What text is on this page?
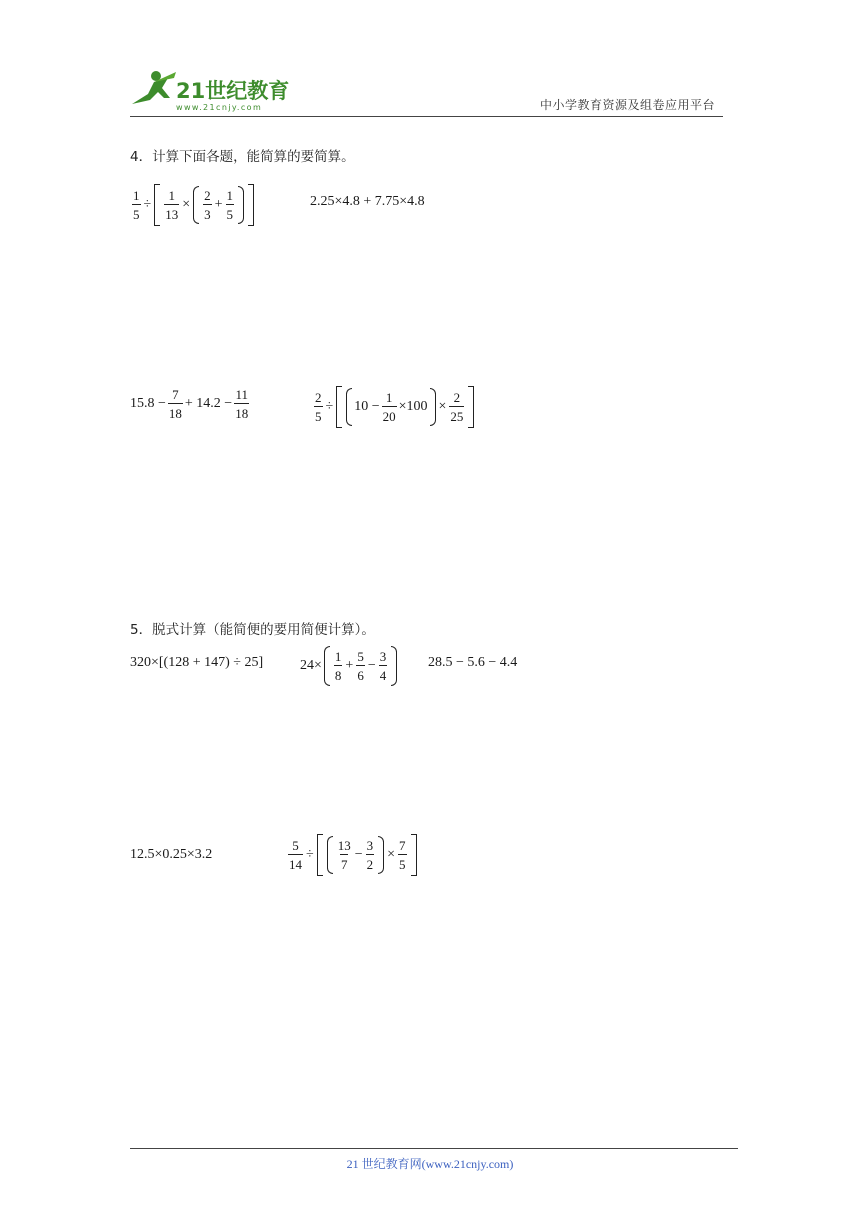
21世纪教育
www.21cnjy.com	中小学教育资源及组卷应用平台
4．计算下面各题，能简算的要简算。
$\frac{1}{5} \div \frac{1}{13} \times \frac{2}{3} + \frac{1}{5}$	2.25×4.8 + 7.75×4.8
$15.8 - \frac{7}{18} + 14.2 - \frac{11}{18}$	$\frac{2}{5} \div 10 - \frac{1}{20} \times 100 \times \frac{2}{25}$
5．脱式计算（能简便的要用简便计算）。
320×[(128 + 147) ÷ 25]	$24\times \frac{1}{8} + \frac{5}{6} - \frac{3}{4}$	28.5 − 5.6 − 4.4
12.5×0.25×3.2	$\frac{5}{14} \div \frac{13}{7} - \frac{3}{2} \times \frac{7}{5}$
21 世纪教育网(www.21cnjy.com)
